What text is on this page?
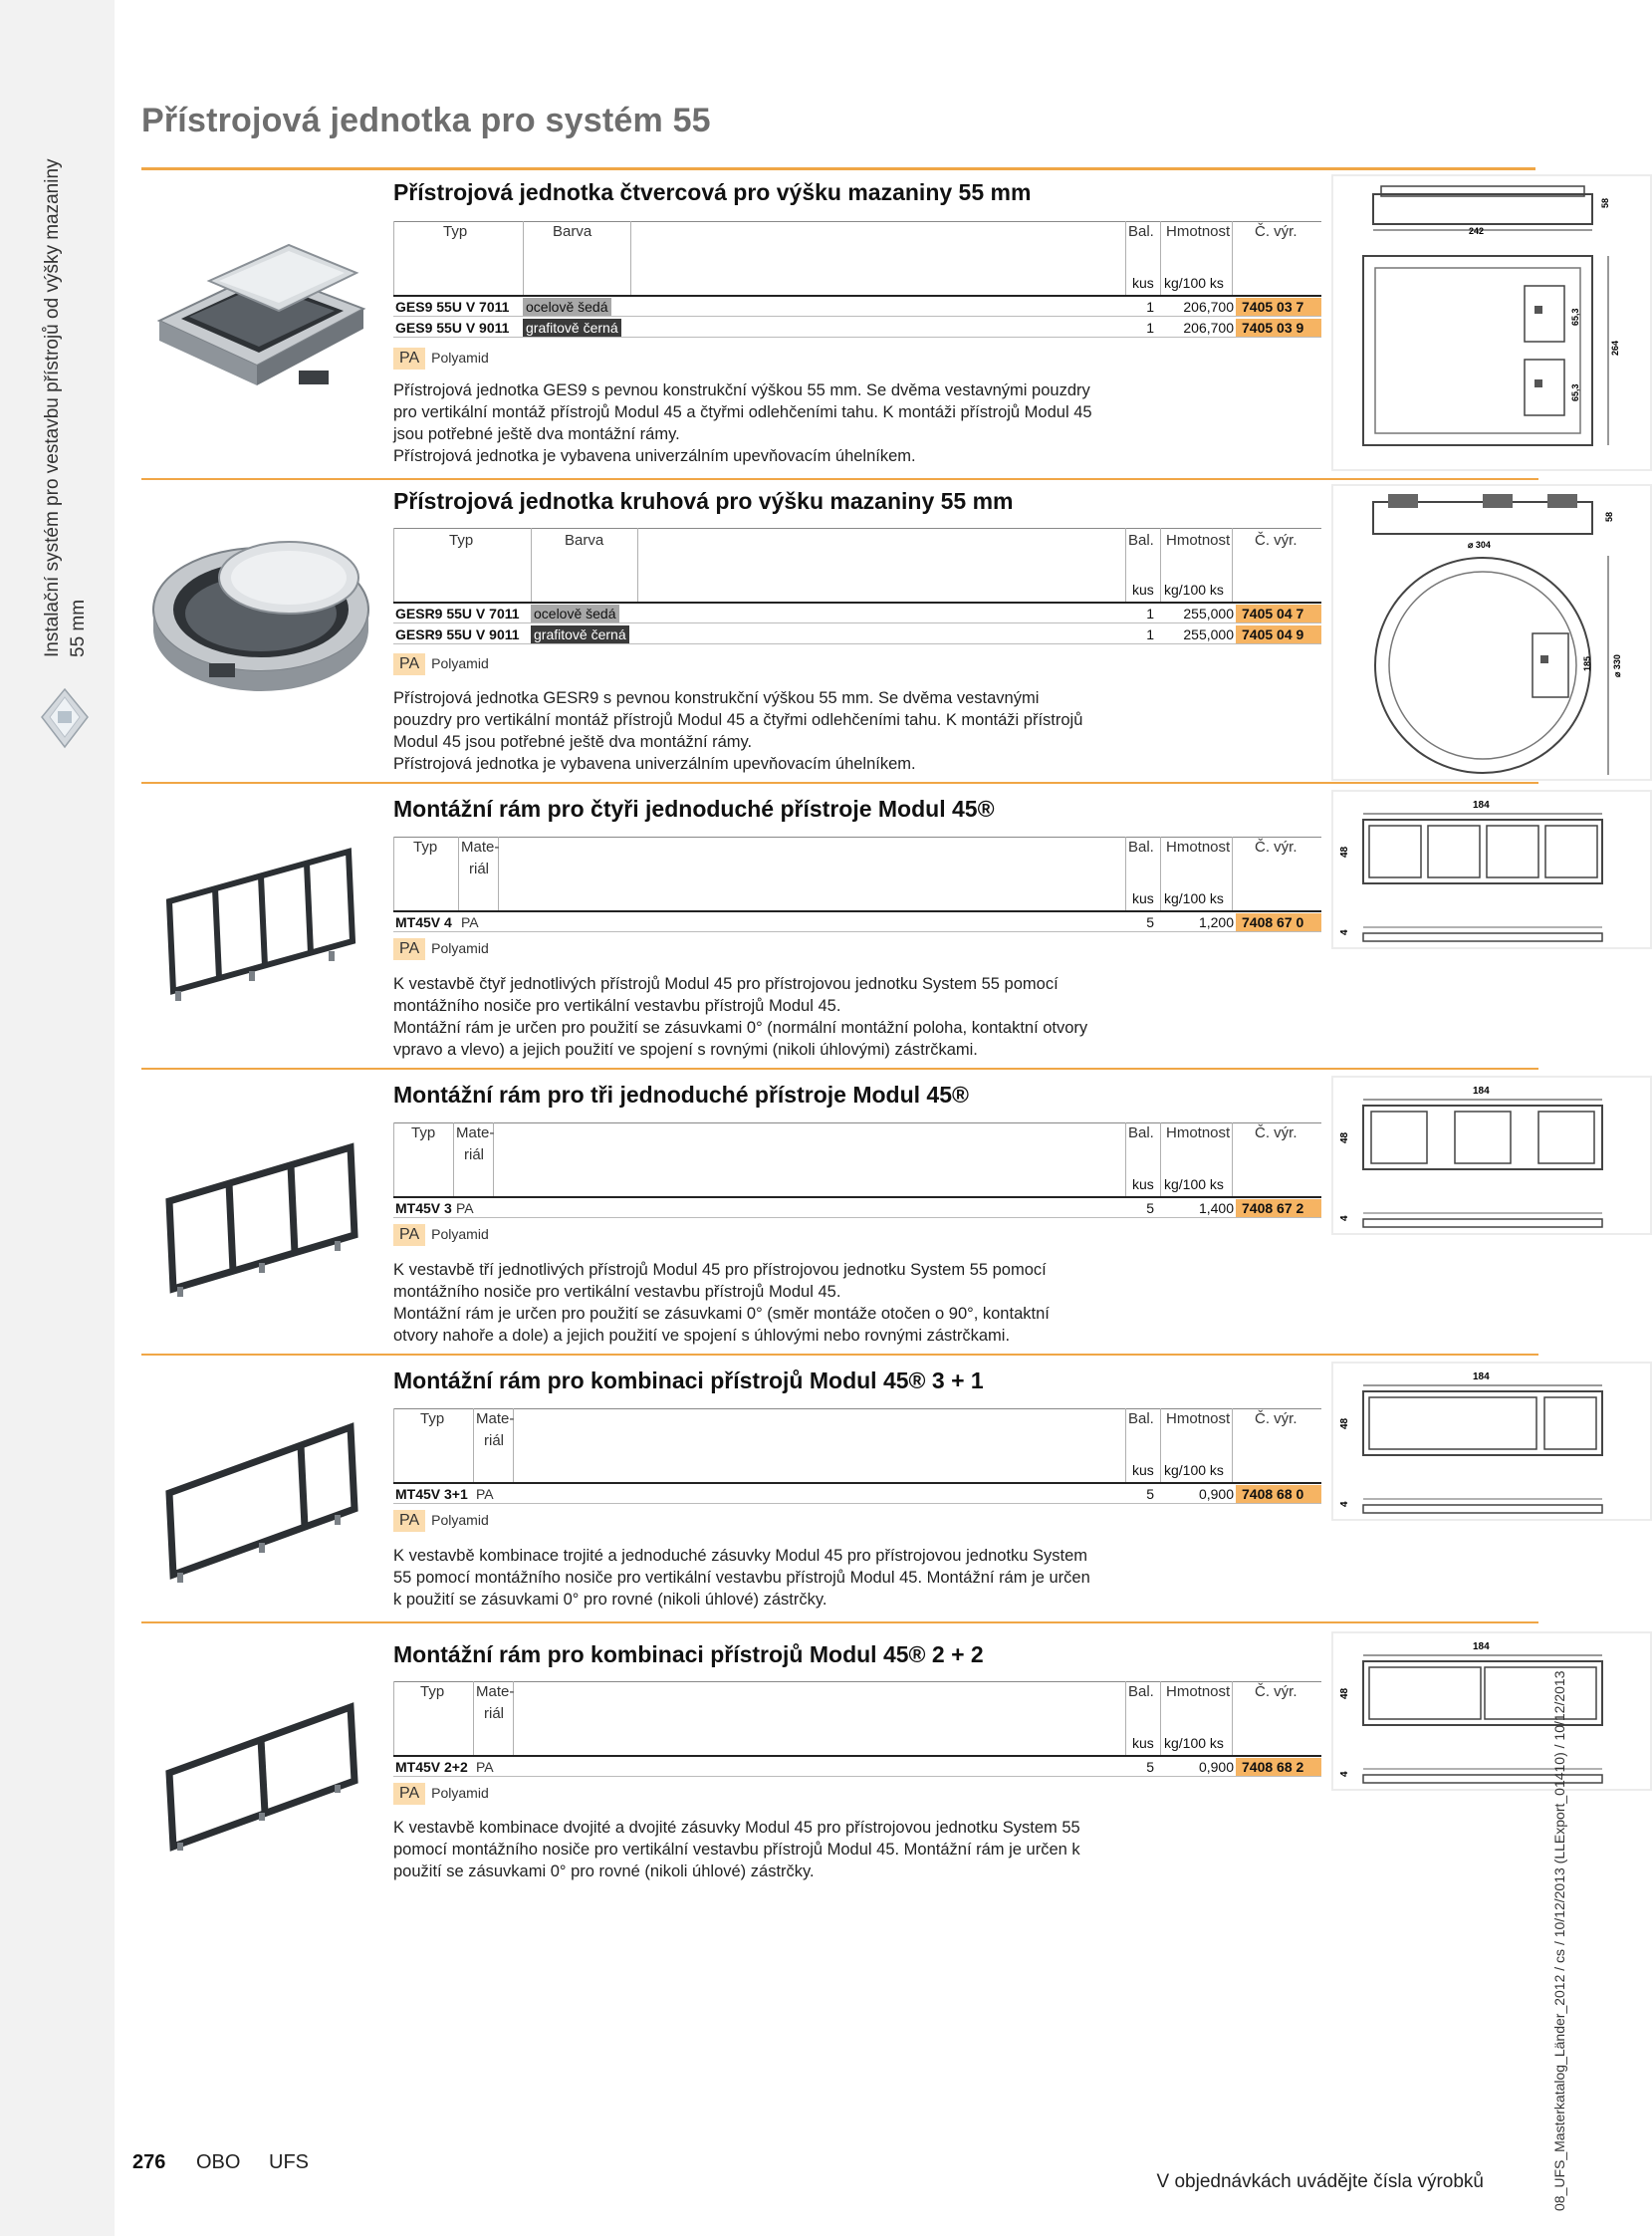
Instalační systém pro vestavbu přístrojů od výšky mazaniny 55 mm
Přístrojová jednotka pro systém 55
Přístrojová jednotka čtvercová pro výšku mazaniny 55 mm
Typ	Barva	Bal. Hmotnost Č. výr.
kus kg/100 ks
GES9 55U V 7011 ocelově šedá	1	206,700 7405 03 7
GES9 55U V 9011 grafitově černá	1	206,700 7405 03 9
PA Polyamid
Přístrojová jednotka GES9 s pevnou konstrukční výškou 55 mm. Se dvěma vestavnými pouzdry
pro vertikální montáž přístrojů Modul 45 a čtyřmi odlehčeními tahu. K montáži přístrojů Modul 45
jsou potřebné ještě dva montážní rámy.
Přístrojová jednotka je vybavena univerzálním upevňovacím úhelníkem.
242
58
65,3
264
65,3
Přístrojová jednotka kruhová pro výšku mazaniny 55 mm
Typ	Barva	Bal. Hmotnost Č. výr.
kus kg/100 ks
GESR9 55U V 7011 ocelově šedá	1	255,000 7405 04 7
GESR9 55U V 9011 grafitově černá	1	255,000 7405 04 9
PA Polyamid
Přístrojová jednotka GESR9 s pevnou konstrukční výškou 55 mm. Se dvěma vestavnými
pouzdry pro vertikální montáž přístrojů Modul 45 a čtyřmi odlehčeními tahu. K montáži přístrojů
Modul 45 jsou potřebné ještě dva montážní rámy.
Přístrojová jednotka je vybavena univerzálním upevňovacím úhelníkem.
⌀ 304
58
185 ⌀ 330
Montážní rám pro čtyři jednoduché přístroje Modul 45®
Typ Mate-
riál
Bal. Hmotnost Č. výr.
kus kg/100 ks
MT45V 4 PA	5	1,200 7408 67 0
PA Polyamid
K vestavbě čtyř jednotlivých přístrojů Modul 45 pro přístrojovou jednotku System 55 pomocí
montážního nosiče pro vertikální vestavbu přístrojů Modul 45.
Montážní rám je určen pro použití se zásuvkami 0° (normální montážní poloha, kontaktní otvory
vpravo a vlevo) a jejich použití ve spojení s rovnými (nikoli úhlovými) zástrčkami.
184
48
4
Montážní rám pro tři jednoduché přístroje Modul 45®
Typ Mate-
riál
Bal. Hmotnost Č. výr.
kus kg/100 ks
MT45V 3 PA	5	1,400 7408 67 2
PA Polyamid
K vestavbě tří jednotlivých přístrojů Modul 45 pro přístrojovou jednotku System 55 pomocí
montážního nosiče pro vertikální vestavbu přístrojů Modul 45.
Montážní rám je určen pro použití se zásuvkami 0° (směr montáže otočen o 90°, kontaktní
otvory nahoře a dole) a jejich použití ve spojení s úhlovými nebo rovnými zástrčkami.
184
48
4
Montážní rám pro kombinaci přístrojů Modul 45® 3 + 1
Typ Mate-
riál
Bal. Hmotnost Č. výr.
kus kg/100 ks
MT45V 3+1 PA	5	0,900 7408 68 0
PA Polyamid
K vestavbě kombinace trojité a jednoduché zásuvky Modul 45 pro přístrojovou jednotku System
55 pomocí montážního nosiče pro vertikální vestavbu přístrojů Modul 45. Montážní rám je určen
k použití se zásuvkami 0° pro rovné (nikoli úhlové) zástrčky.
184
48
4
Montážní rám pro kombinaci přístrojů Modul 45® 2 + 2
Typ Mate-
riál
Bal. Hmotnost Č. výr.
kus kg/100 ks
MT45V 2+2 PA	5	0,900 7408 68 2
PA Polyamid
K vestavbě kombinace dvojité a dvojité zásuvky Modul 45 pro přístrojovou jednotku System 55
pomocí montážního nosiče pro vertikální vestavbu přístrojů Modul 45. Montážní rám je určen k
použití se zásuvkami 0° pro rovné (nikoli úhlové) zástrčky.
184
48
4
276 OBO UFS
V objednávkách uvádějte čísla výrobků	08_UFS_Masterkatalog_Länder_2012 / cs / 10/12/2013 (LLExport_01410) / 10/12/2013
